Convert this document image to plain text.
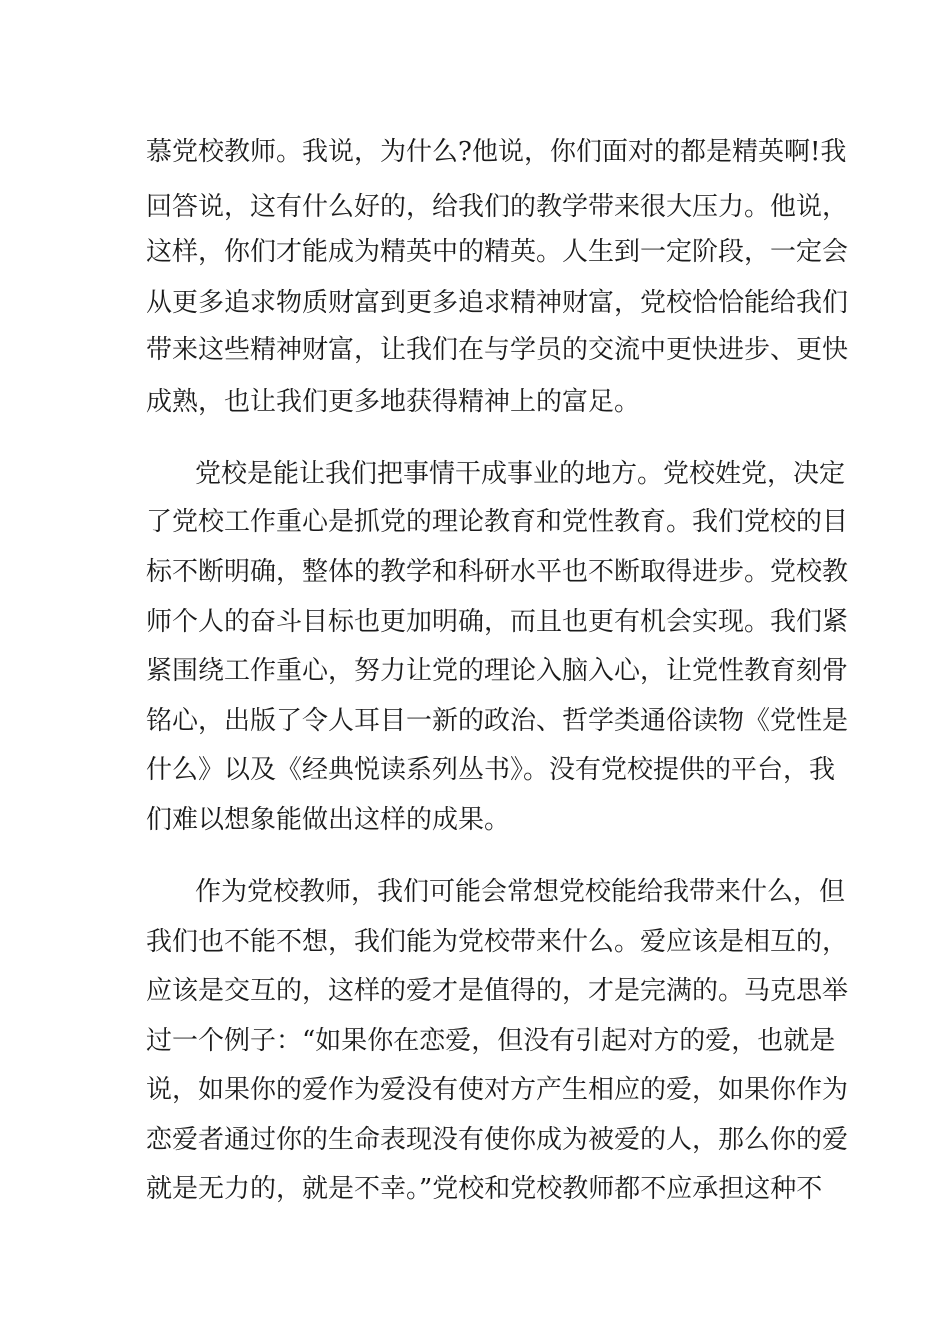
慕党校教师。我说，为什么?他说，你们面对的都是精英啊!我
回答说，这有什么好的，给我们的教学带来很大压力。他说，
这样，你们才能成为精英中的精英。人生到一定阶段，一定会
从更多追求物质财富到更多追求精神财富，党校恰恰能给我们
带来这些精神财富，让我们在与学员的交流中更快进步、更快
成熟，也让我们更多地获得精神上的富足。
党校是能让我们把事情干成事业的地方。党校姓党，决定
了党校工作重心是抓党的理论教育和党性教育。我们党校的目
标不断明确，整体的教学和科研水平也不断取得进步。党校教
师个人的奋斗目标也更加明确，而且也更有机会实现。我们紧
紧围绕工作重心，努力让党的理论入脑入心，让党性教育刻骨
铭心，出版了令人耳目一新的政治、哲学类通俗读物《党性是
什么》以及《经典悦读系列丛书》。没有党校提供的平台，我
们难以想象能做出这样的成果。
作为党校教师，我们可能会常想党校能给我带来什么，但
我们也不能不想，我们能为党校带来什么。爱应该是相互的，
应该是交互的，这样的爱才是值得的，才是完满的。马克思举
过一个例子：“如果你在恋爱，但没有引起对方的爱，也就是
说，如果你的爱作为爱没有使对方产生相应的爱，如果你作为
恋爱者通过你的生命表现没有使你成为被爱的人，那么你的爱
就是无力的，就是不幸。”党校和党校教师都不应承担这种不
